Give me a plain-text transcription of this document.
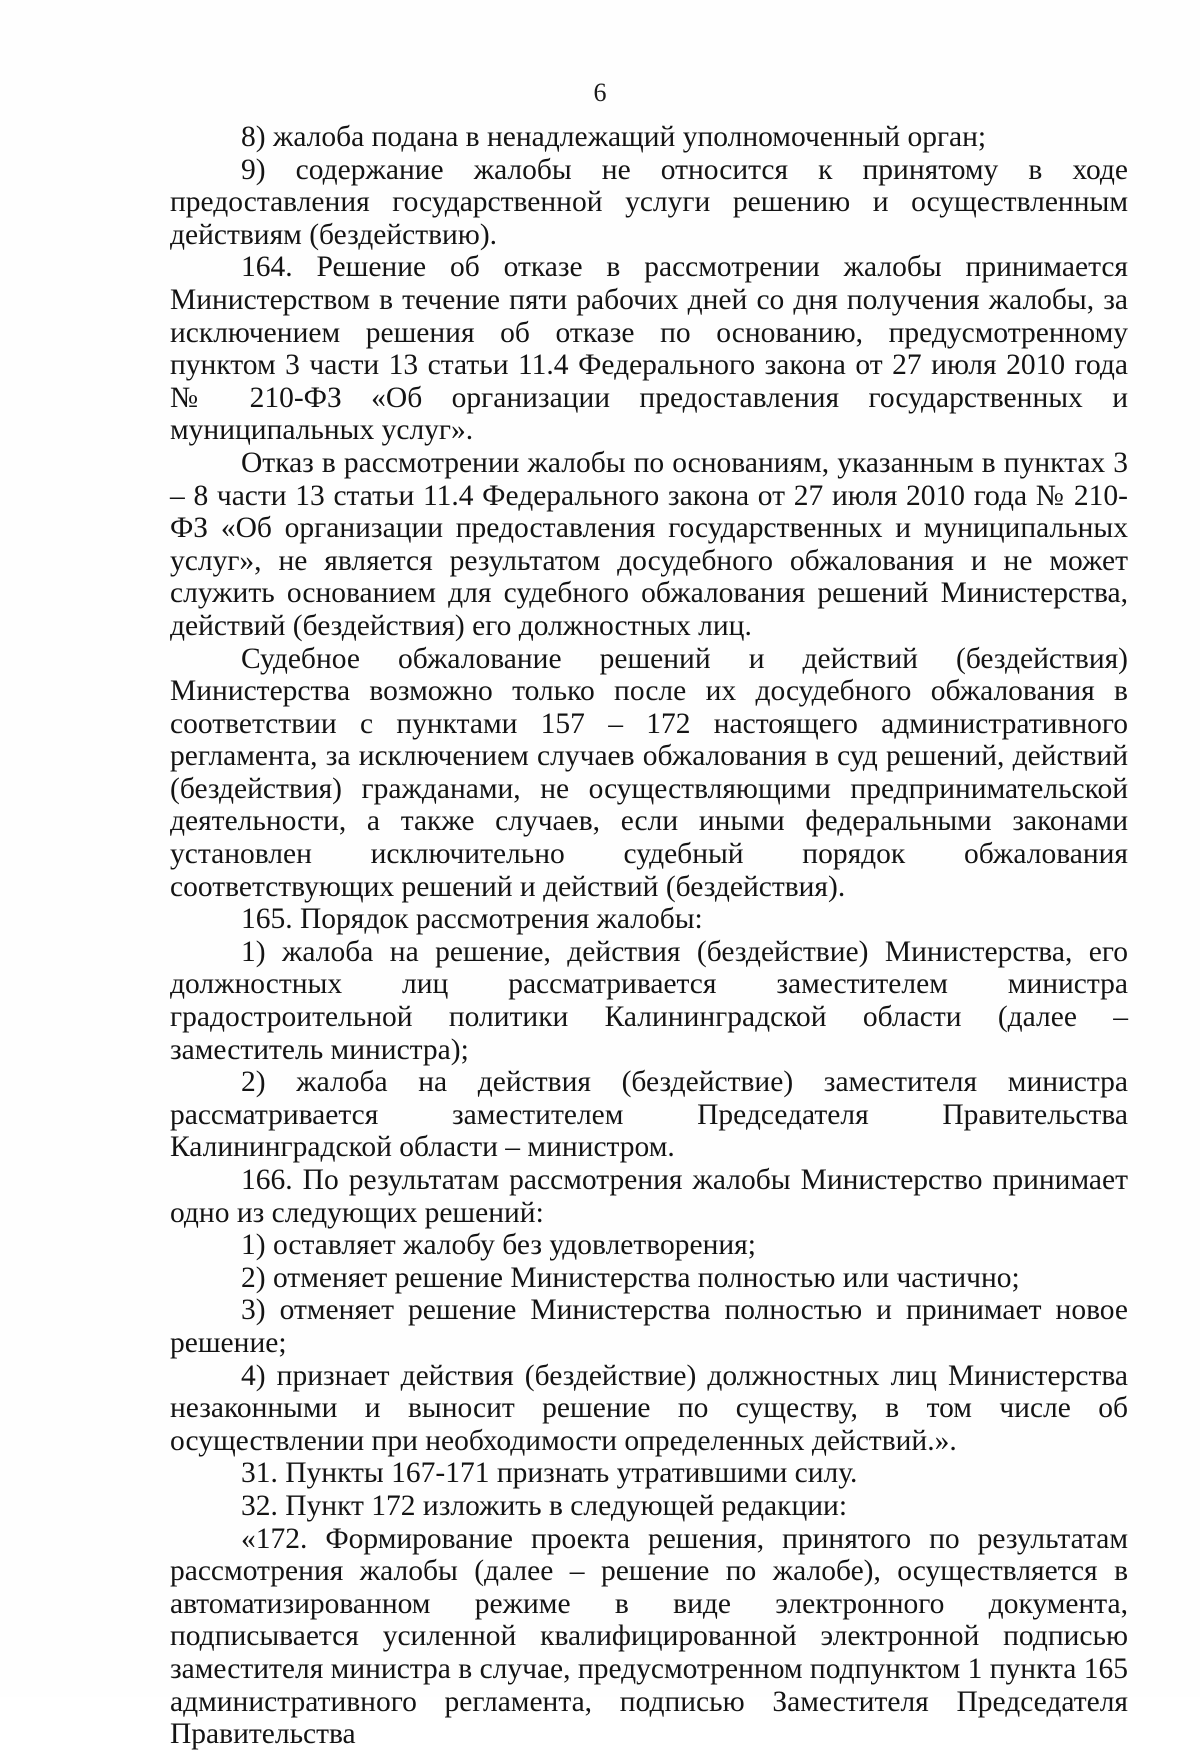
6

8) жалоба подана в ненадлежащий уполномоченный орган;

9) содержание жалобы не относится к принятому в ходе предоставления государственной услуги решению и осуществленным действиям (бездействию).

164. Решение об отказе в рассмотрении жалобы принимается Министерством в течение пяти рабочих дней со дня получения жалобы, за исключением решения об отказе по основанию, предусмотренному пунктом 3 части 13 статьи 11.4 Федерального закона от 27 июля 2010 года № 210-ФЗ «Об организации предоставления государственных и муниципальных услуг».

Отказ в рассмотрении жалобы по основаниям, указанным в пунктах 3 – 8 части 13 статьи 11.4 Федерального закона от 27 июля 2010 года № 210-ФЗ «Об организации предоставления государственных и муниципальных услуг», не является результатом досудебного обжалования и не может служить основанием для судебного обжалования решений Министерства, действий (бездействия) его должностных лиц.

Судебное обжалование решений и действий (бездействия) Министерства возможно только после их досудебного обжалования в соответствии с пунктами 157 – 172 настоящего административного регламента, за исключением случаев обжалования в суд решений, действий (бездействия) гражданами, не осуществляющими предпринимательской деятельности, а также случаев, если иными федеральными законами установлен исключительно судебный порядок обжалования соответствующих решений и действий (бездействия).

165. Порядок рассмотрения жалобы:

1) жалоба на решение, действия (бездействие) Министерства, его должностных лиц рассматривается заместителем министра градостроительной политики Калининградской области (далее – заместитель министра);

2) жалоба на действия (бездействие) заместителя министра рассматривается заместителем Председателя Правительства Калининградской области – министром.

166. По результатам рассмотрения жалобы Министерство принимает одно из следующих решений:

1) оставляет жалобу без удовлетворения;

2) отменяет решение Министерства полностью или частично;

3) отменяет решение Министерства полностью и принимает новое решение;

4) признает действия (бездействие) должностных лиц Министерства незаконными и выносит решение по существу, в том числе об осуществлении при необходимости определенных действий.».

31. Пункты 167-171 признать утратившими силу.

32. Пункт 172 изложить в следующей редакции:

«172. Формирование проекта решения, принятого по результатам рассмотрения жалобы (далее – решение по жалобе), осуществляется в автоматизированном режиме в виде электронного документа, подписывается усиленной квалифицированной электронной подписью заместителя министра в случае, предусмотренном подпунктом 1 пункта 165 административного регламента, подписью Заместителя Председателя Правительства
